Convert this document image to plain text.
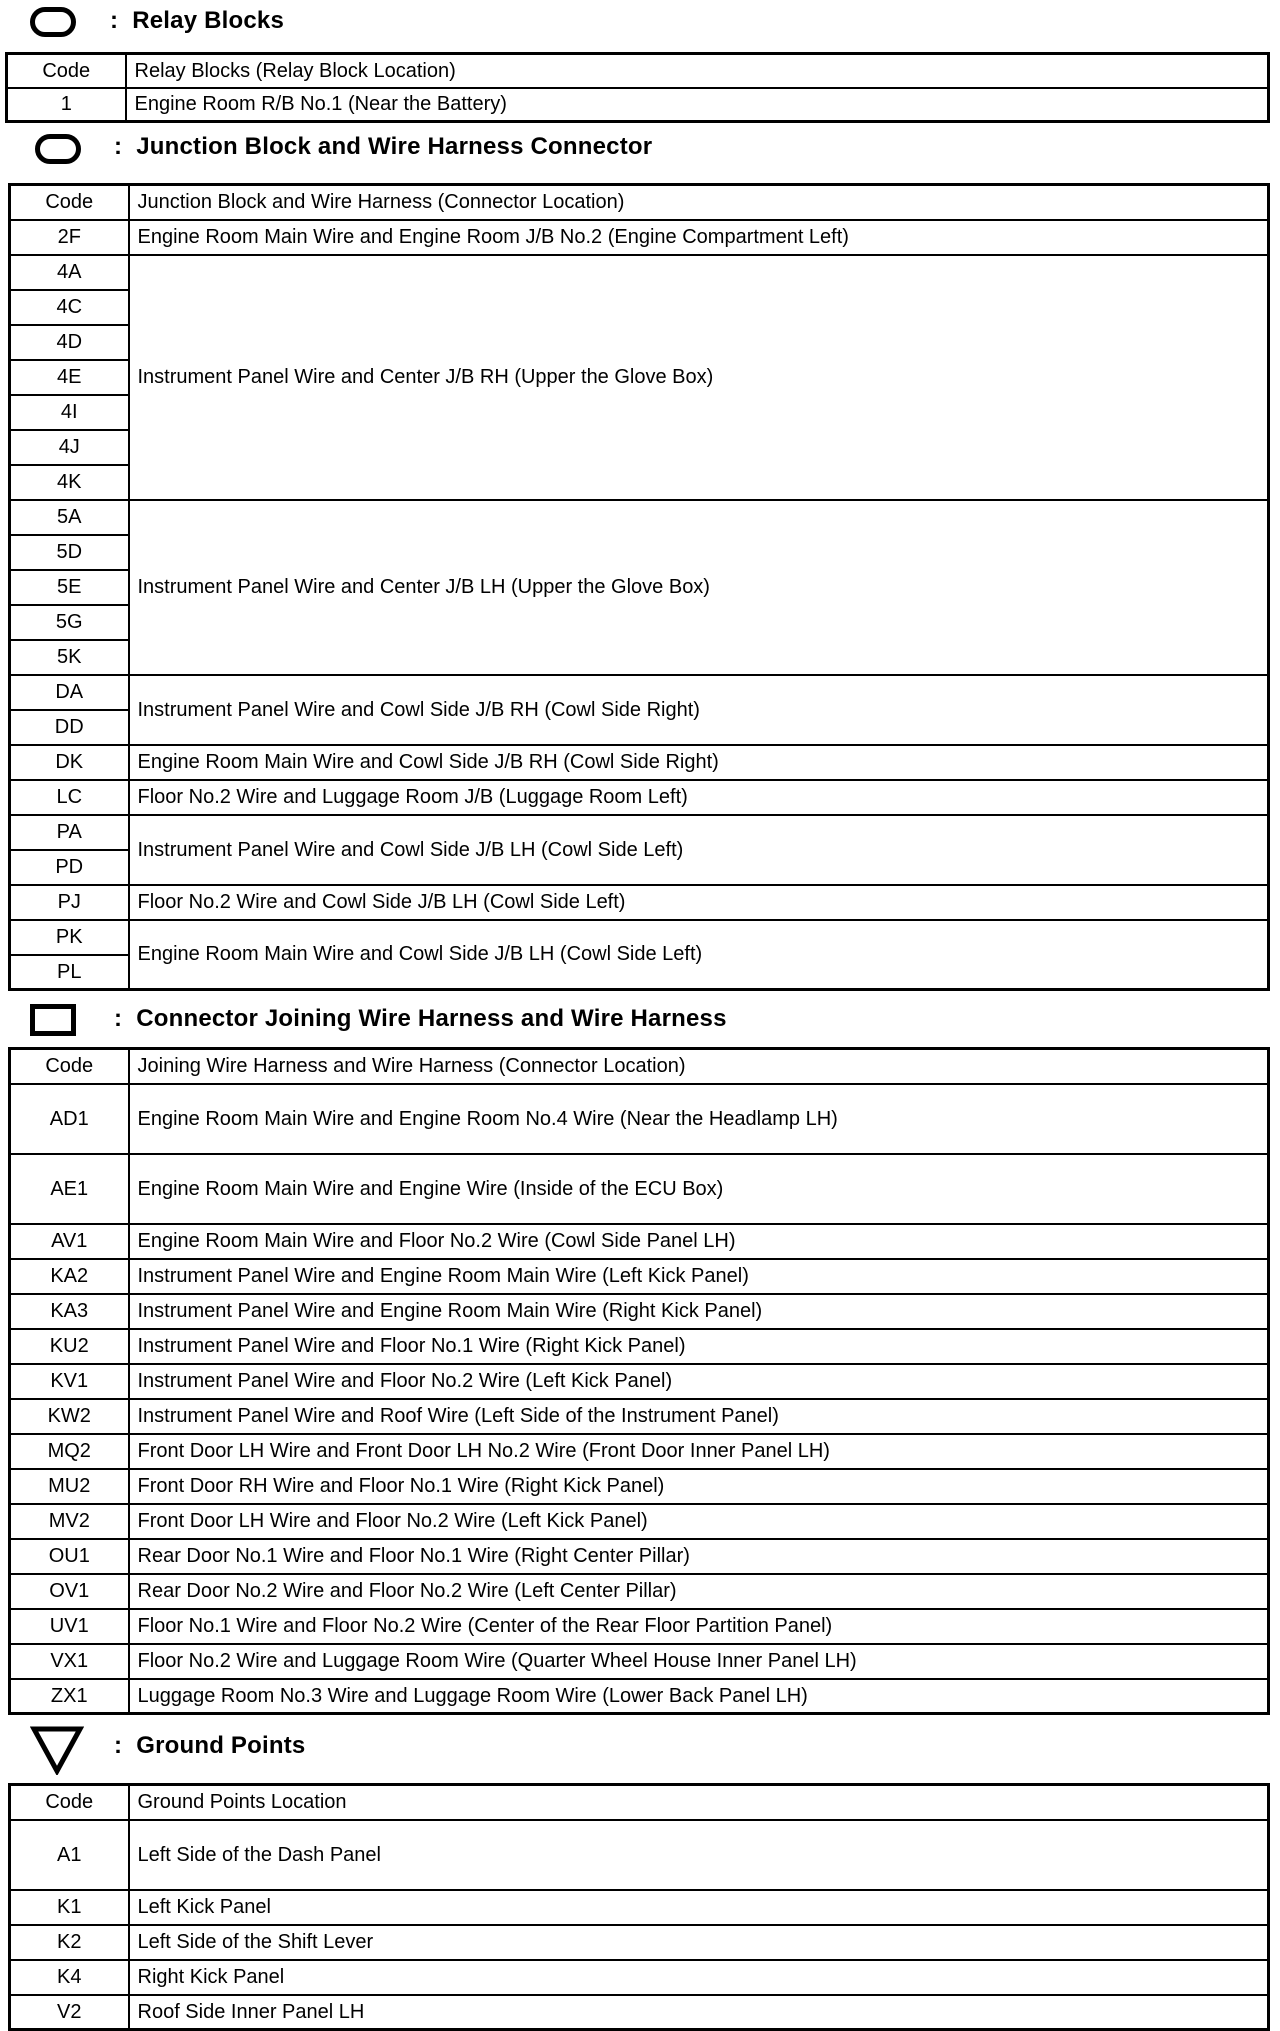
: Relay Blocks
Code	Relay Blocks (Relay Block Location)
1	Engine Room R/B No.1 (Near the Battery)
: Junction Block and Wire Harness Connector
Code	Junction Block and Wire Harness (Connector Location)
2F	Engine Room Main Wire and Engine Room J/B No.2 (Engine Compartment Left)
4A	Instrument Panel Wire and Center J/B RH (Upper the Glove Box)
4C	
4D	
4E	
4I	
4J	
4K	
5A	Instrument Panel Wire and Center J/B LH (Upper the Glove Box)
5D	
5E	
5G	
5K	
DA	Instrument Panel Wire and Cowl Side J/B RH (Cowl Side Right)
DD	
DK	Engine Room Main Wire and Cowl Side J/B RH (Cowl Side Right)
LC	Floor No.2 Wire and Luggage Room J/B (Luggage Room Left)
PA	Instrument Panel Wire and Cowl Side J/B LH (Cowl Side Left)
PD	
PJ	Floor No.2 Wire and Cowl Side J/B LH (Cowl Side Left)
PK	Engine Room Main Wire and Cowl Side J/B LH (Cowl Side Left)
PL	
: Connector Joining Wire Harness and Wire Harness
Code	Joining Wire Harness and Wire Harness (Connector Location)
AD1	Engine Room Main Wire and Engine Room No.4 Wire (Near the Headlamp LH)
AE1	Engine Room Main Wire and Engine Wire (Inside of the ECU Box)
AV1	Engine Room Main Wire and Floor No.2 Wire (Cowl Side Panel LH)
KA2	Instrument Panel Wire and Engine Room Main Wire (Left Kick Panel)
KA3	Instrument Panel Wire and Engine Room Main Wire (Right Kick Panel)
KU2	Instrument Panel Wire and Floor No.1 Wire (Right Kick Panel)
KV1	Instrument Panel Wire and Floor No.2 Wire (Left Kick Panel)
KW2	Instrument Panel Wire and Roof Wire (Left Side of the Instrument Panel)
MQ2	Front Door LH Wire and Front Door LH No.2 Wire (Front Door Inner Panel LH)
MU2	Front Door RH Wire and Floor No.1 Wire (Right Kick Panel)
MV2	Front Door LH Wire and Floor No.2 Wire (Left Kick Panel)
OU1	Rear Door No.1 Wire and Floor No.1 Wire (Right Center Pillar)
OV1	Rear Door No.2 Wire and Floor No.2 Wire (Left Center Pillar)
UV1	Floor No.1 Wire and Floor No.2 Wire (Center of the Rear Floor Partition Panel)
VX1	Floor No.2 Wire and Luggage Room Wire (Quarter Wheel House Inner Panel LH)
ZX1	Luggage Room No.3 Wire and Luggage Room Wire (Lower Back Panel LH)
: Ground Points
Code	Ground Points Location
A1	Left Side of the Dash Panel
K1	Left Kick Panel
K2	Left Side of the Shift Lever
K4	Right Kick Panel
V2	Roof Side Inner Panel LH
